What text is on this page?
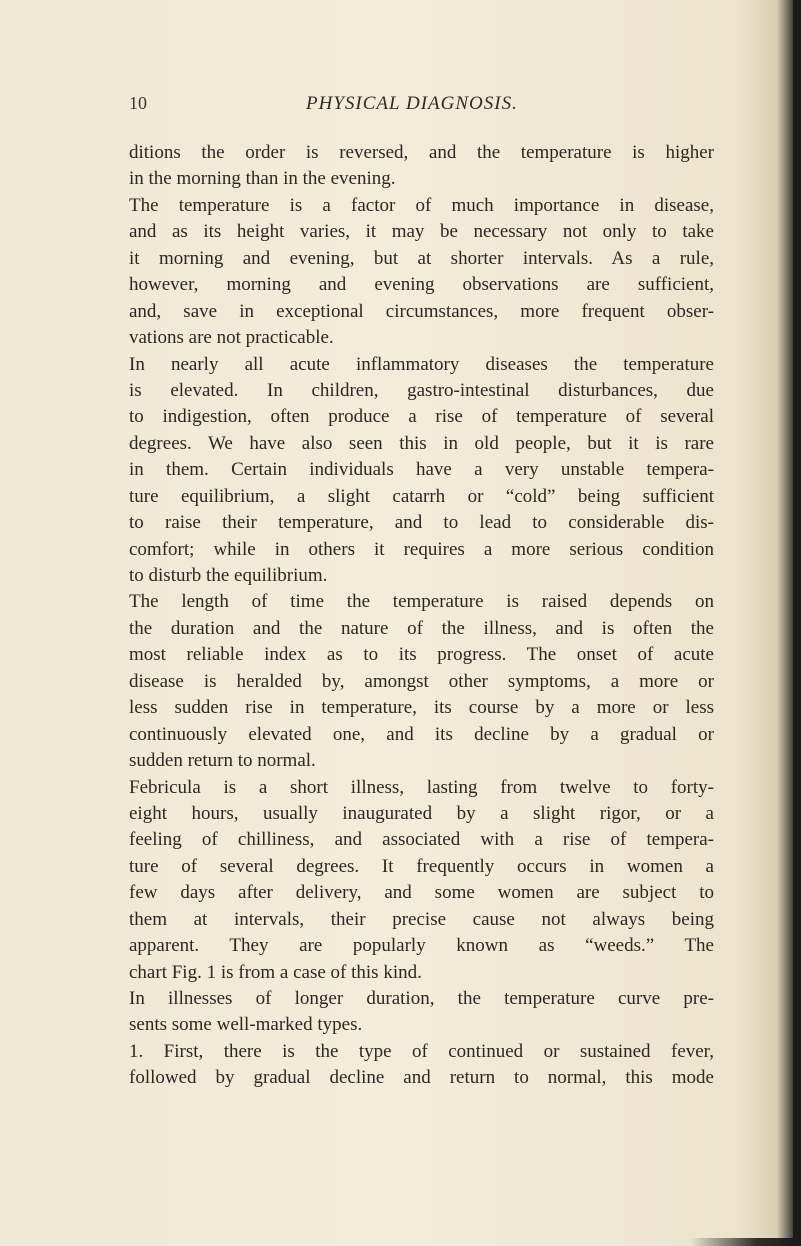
10	PHYSICAL DIAGNOSIS.
ditions the order is reversed, and the temperature is higher
in the morning than in the evening.
The temperature is a factor of much importance in disease,
and as its height varies, it may be necessary not only to take
it morning and evening, but at shorter intervals. As a rule,
however, morning and evening observations are sufficient,
and, save in exceptional circumstances, more frequent obser-
vations are not practicable.
In nearly all acute inflammatory diseases the temperature
is elevated. In children, gastro-intestinal disturbances, due
to indigestion, often produce a rise of temperature of several
degrees. We have also seen this in old people, but it is rare
in them. Certain individuals have a very unstable tempera-
ture equilibrium, a slight catarrh or “cold” being sufficient
to raise their temperature, and to lead to considerable dis-
comfort; while in others it requires a more serious condition
to disturb the equilibrium.
The length of time the temperature is raised depends on
the duration and the nature of the illness, and is often the
most reliable index as to its progress. The onset of acute
disease is heralded by, amongst other symptoms, a more or
less sudden rise in temperature, its course by a more or less
continuously elevated one, and its decline by a gradual or
sudden return to normal.
Febricula is a short illness, lasting from twelve to forty-
eight hours, usually inaugurated by a slight rigor, or a
feeling of chilliness, and associated with a rise of tempera-
ture of several degrees. It frequently occurs in women a
few days after delivery, and some women are subject to
them at intervals, their precise cause not always being
apparent. They are popularly known as “weeds.” The
chart Fig. 1 is from a case of this kind.
In illnesses of longer duration, the temperature curve pre-
sents some well-marked types.
1. First, there is the type of continued or sustained fever,
followed by gradual decline and return to normal, this mode
